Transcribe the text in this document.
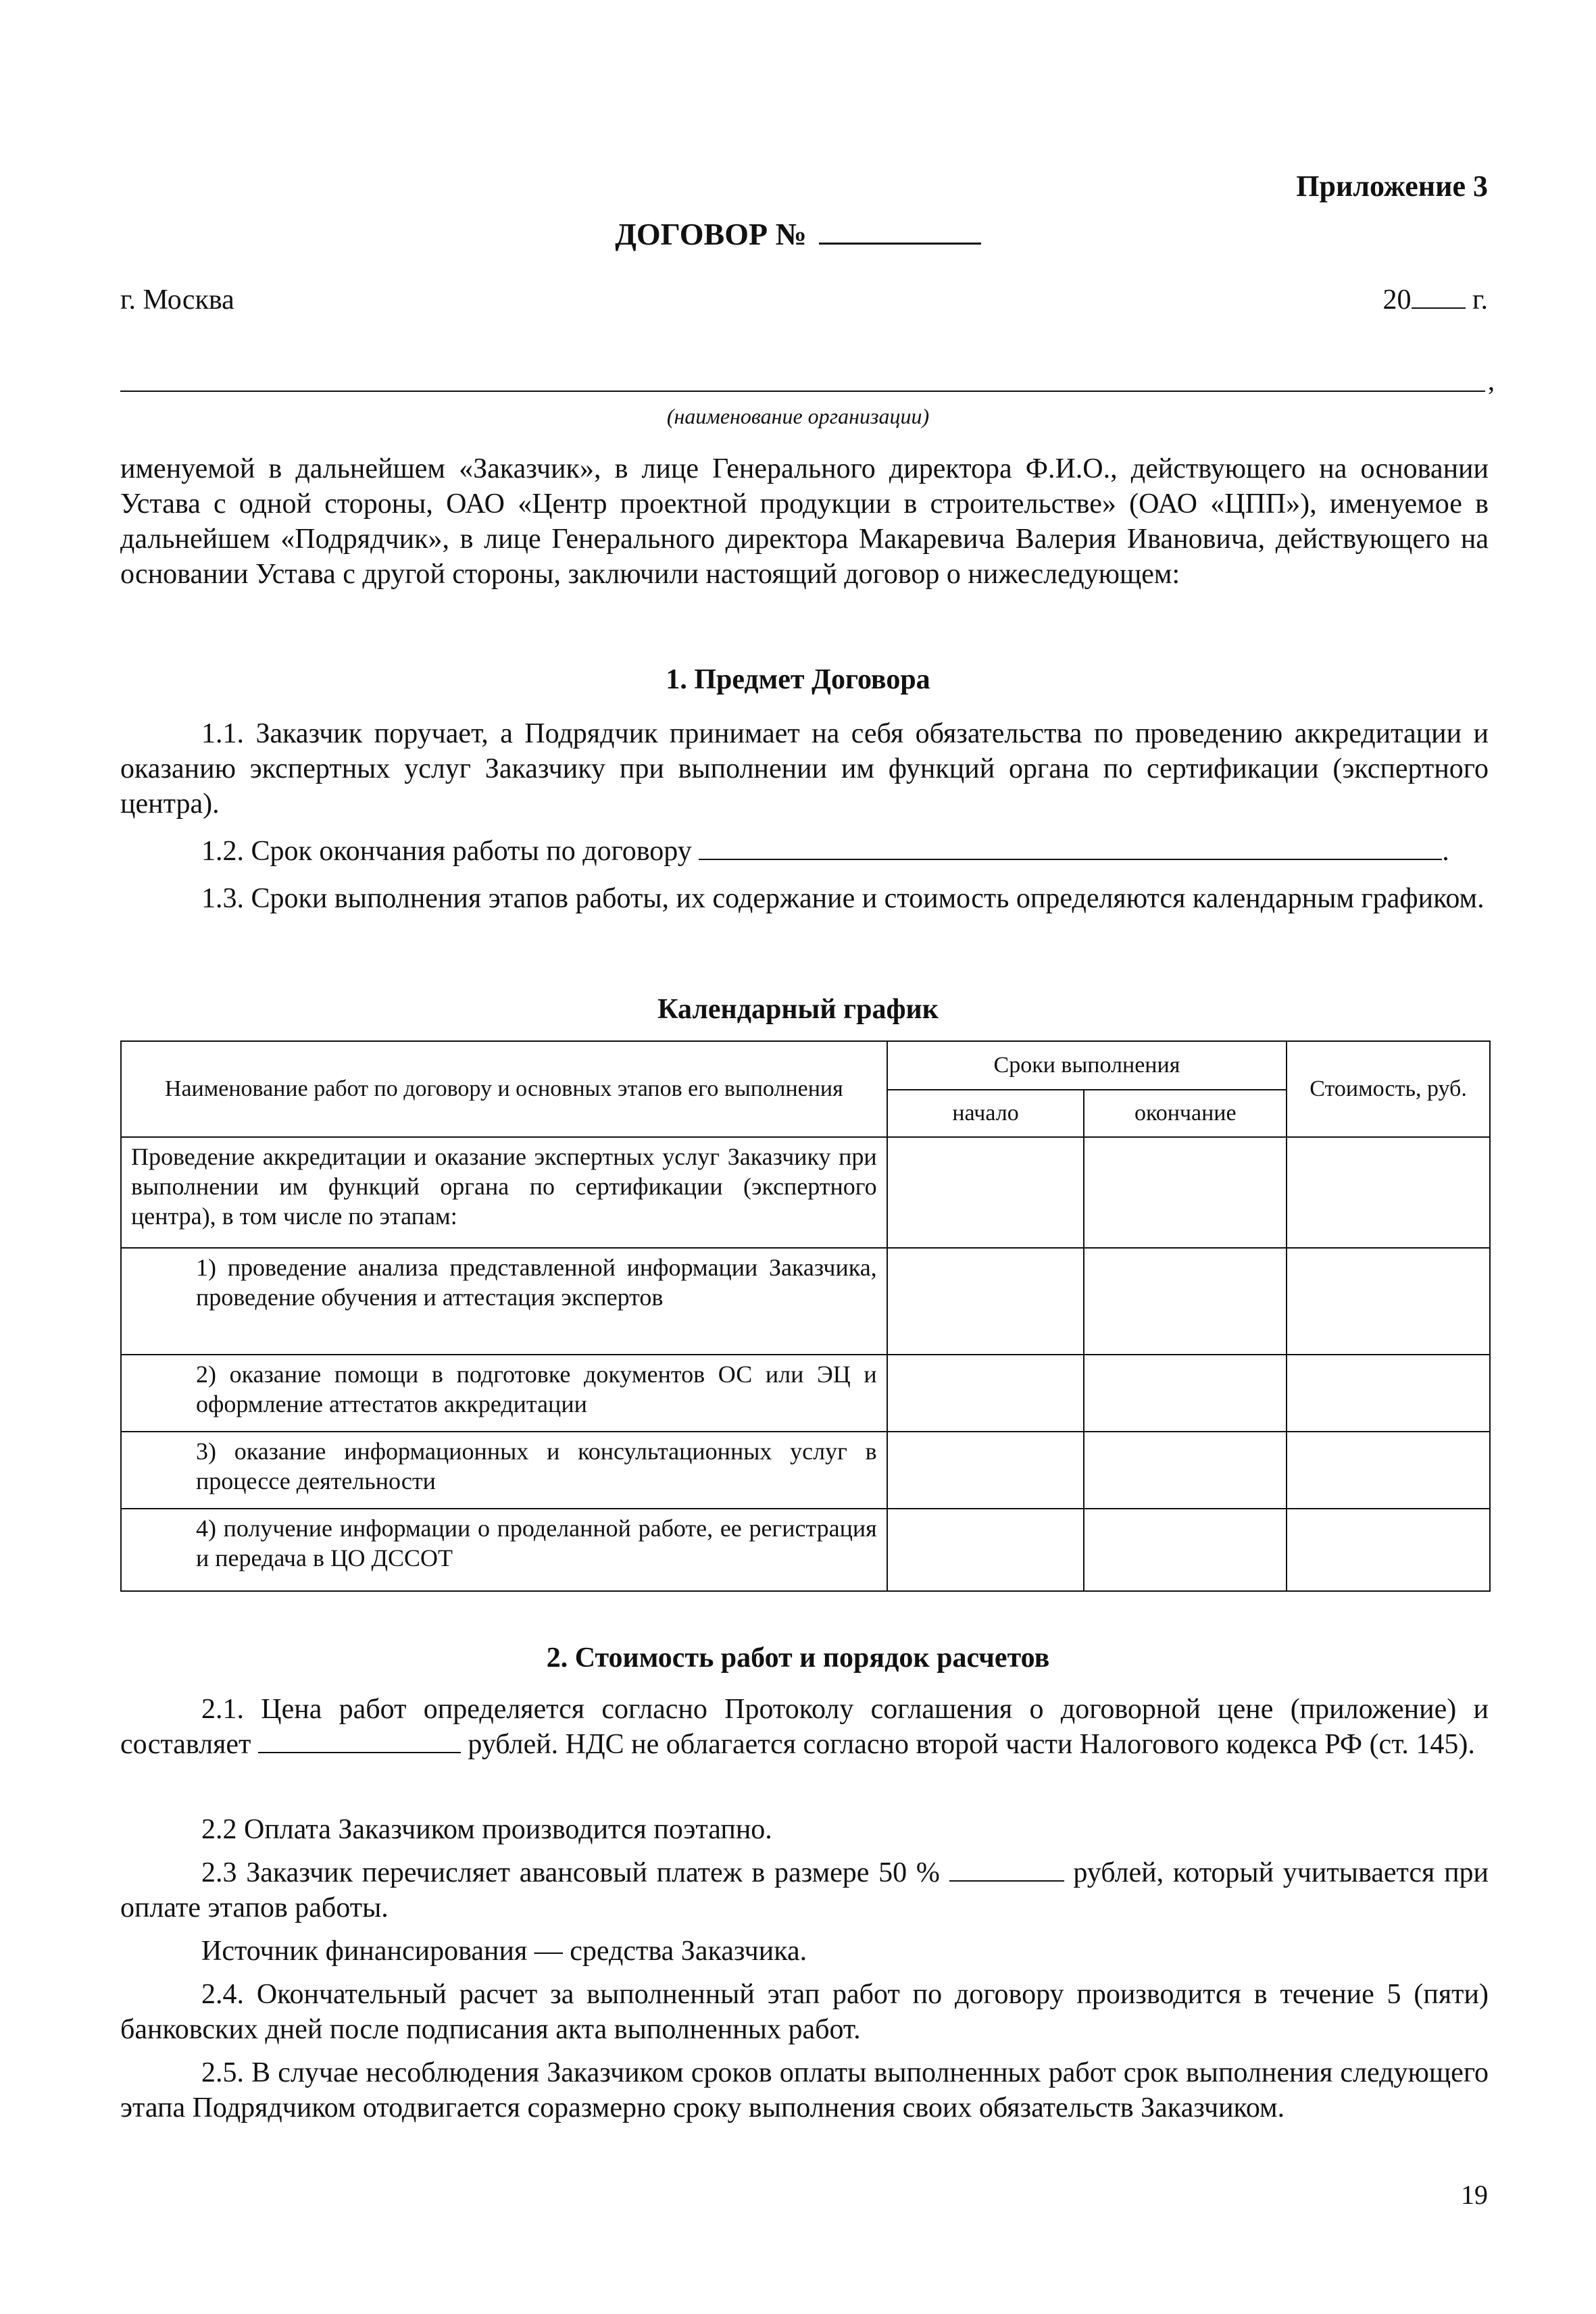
Приложение 3
ДОГОВОР №
г. Москва	20 г.
,
(наименование организации)
именуемой в дальнейшем «Заказчик», в лице Генерального директора Ф.И.О., действующего на основании Устава с одной стороны, ОАО «Центр проектной продукции в строительстве» (ОАО «ЦПП»), именуемое в дальнейшем «Подрядчик», в лице Генерального директора Макаревича Валерия Ивановича, действующего на основании Устава с другой стороны, заключили настоящий договор о нижеследующем:
1. Предмет Договора
1.1. Заказчик поручает, а Подрядчик принимает на себя обязательства по проведению аккредитации и оказанию экспертных услуг Заказчику при выполнении им функций органа по сертификации (экспертного центра).
1.2. Срок окончания работы по договору	.
1.3. Сроки выполнения этапов работы, их содержание и стоимость определяются календарным графиком.
Календарный график
Наименование работ по договору и основных этапов его выполнения	Сроки выполнения		Стоимость, руб.
	начало	окончание	
Проведение аккредитации и оказание экспертных услуг Заказчику при выполнении им функций органа по сертификации (экспертного центра), в том числе по этапам:			
1) проведение анализа представленной информации Заказчика, проведение обучения и аттестация экспертов			
2) оказание помощи в подготовке документов ОС или ЭЦ и оформление аттестатов аккредитации			
3) оказание информационных и консультационных услуг в процессе деятельности			
4) получение информации о проделанной работе, ее регистрация и передача в ЦО ДССОТ			
2. Стоимость работ и порядок расчетов
2.1. Цена работ определяется согласно Протоколу соглашения о договорной цене (приложение) и составляет	рублей. НДС не облагается согласно второй части Налогового кодекса РФ (ст. 145).
2.2 Оплата Заказчиком производится поэтапно.
2.3 Заказчик перечисляет авансовый платеж в размере 50 %	рублей, который учитывается при оплате этапов работы.
Источник финансирования — средства Заказчика.
2.4. Окончательный расчет за выполненный этап работ по договору производится в течение 5 (пяти) банковских дней после подписания акта выполненных работ.
2.5. В случае несоблюдения Заказчиком сроков оплаты выполненных работ срок выполнения следующего этапа Подрядчиком отодвигается соразмерно сроку выполнения своих обязательств Заказчиком.
19
